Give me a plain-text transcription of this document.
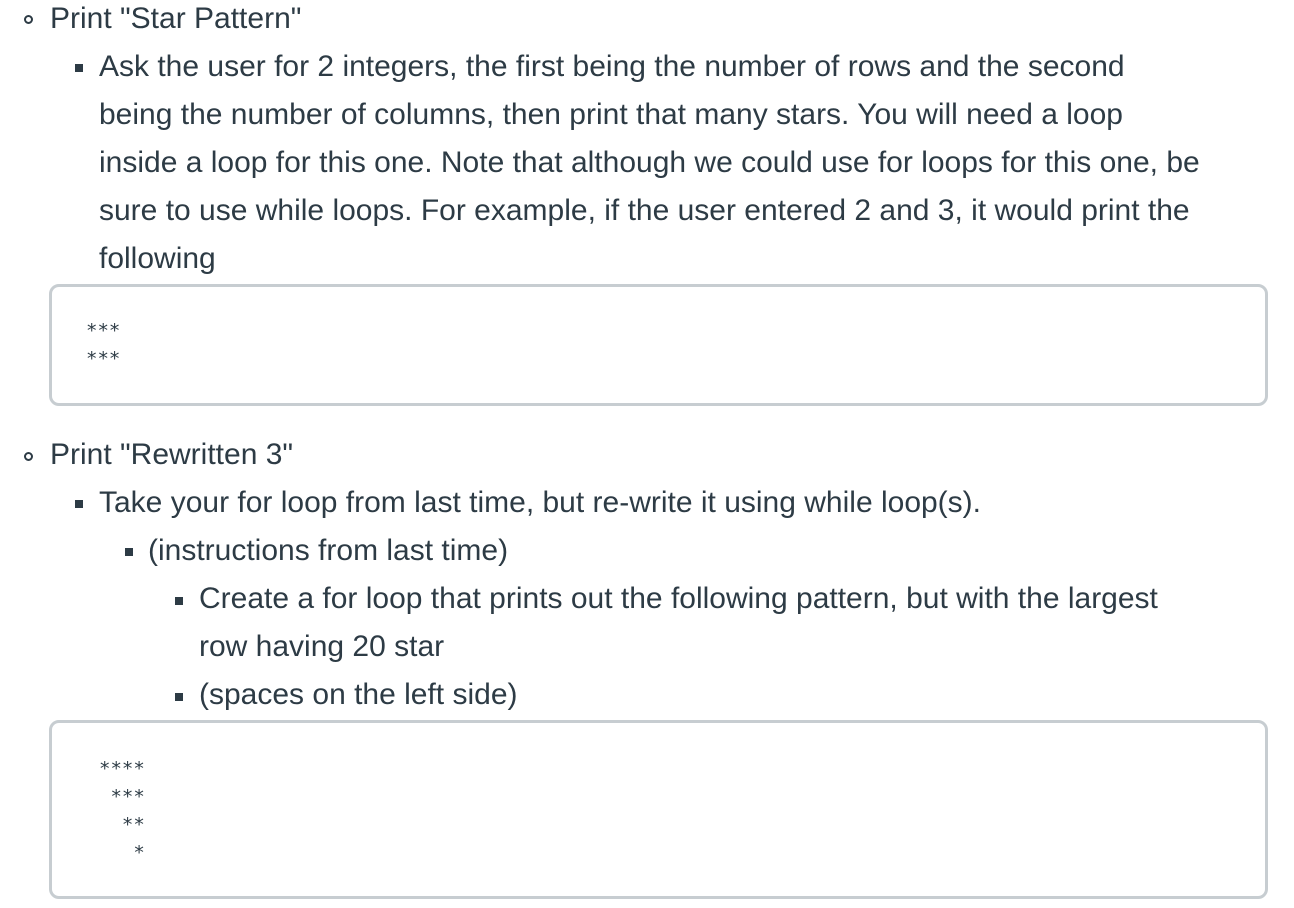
Print "Star Pattern"
Ask the user for 2 integers, the first being the number of rows and the second
being the number of columns, then print that many stars. You will need a loop
inside a loop for this one. Note that although we could use for loops for this one, be
sure to use while loops. For example, if the user entered 2 and 3, it would print the
following
***
***
Print "Rewritten 3"
Take your for loop from last time, but re-write it using while loop(s).
(instructions from last time)
Create a for loop that prints out the following pattern, but with the largest
row having 20 star
(spaces on the left side)
****
***
**
*
